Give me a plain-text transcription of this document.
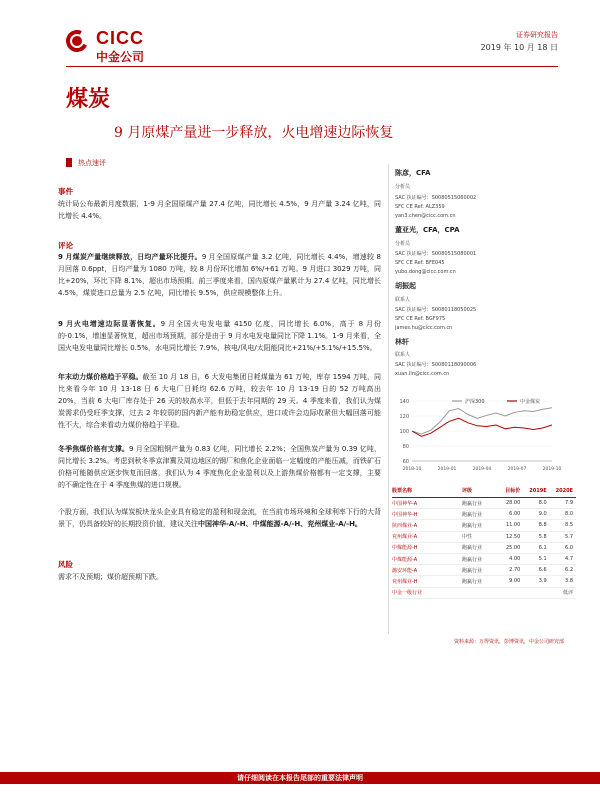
CICC
中金公司
证券研究报告
2019 年 10 月 18 日
煤炭
9 月原煤产量进一步释放，火电增速边际恢复
热点速评
事件
统计局公布最新月度数据，1-9 月全国原煤产量 27.4 亿吨，同比增长 4.5%，9 月产量 3.24 亿吨，同比增长 4.4%。
评论
9 月煤炭产量继续释放，日均产量环比提升。9 月全国原煤产量 3.2 亿吨，同比增长 4.4%，增速较 8 月回落 0.6ppt，日均产量为 1080 万吨，较 8 月份环比增加 6%/+61 万吨。9 月进口 3029 万吨，同比+20%，环比下降 8.1%，超出市场预期。前三季度来看，国内原煤产量累计为 27.4 亿吨，同比增长 4.5%，煤炭进口总量为 2.5 亿吨，同比增长 9.5%，供应规模整体上升。
9 月火电增速边际显著恢复。9 月全国火电发电量 4150 亿度，同比增长 6.0%，高于 8 月份的-0.1%，增速显著恢复，超出市场预期，部分是由于 9 月水电发电量同比下降 1.1%。1-9 月来看，全国火电发电量同比增长 0.5%，水电同比增长 7.9%，核电/风电/太阳能同比+21%/+5.1%/+15.5%。
年末动力煤价格趋于平稳。截至 10 月 18 日，6 大发电集团日耗煤量为 61 万吨，库存 1594 万吨，同比来看今年 10 月 13-18 日 6 大电厂日耗均 62.6 万吨，较去年 10 月 13-19 日的 52 万吨高出 20%，当前 6 大电厂库存处于 26 天的较高水平，但低于去年同期的 29 天。4 季度来看，我们认为煤炭需求仍受旺季支撑，过去 2 年较弱的国内新产能有助稳定供应，进口或许会边际收紧但大幅回落可能性不大，综合来看动力煤价格趋于平稳。
冬季焦煤价格有支撑。9 月全国粗钢产量为 0.83 亿吨，同比增长 2.2%；全国焦炭产量为 0.39 亿吨，同比增长 3.2%。考虑到秋冬季京津冀及周边地区的钢厂和焦化企业面临一定幅度的产能压减，而铁矿石价格可能随供应逐步恢复而回落，我们认为 4 季度焦化企业盈利以及上游焦煤价格都有一定支撑，主要的不确定性在于 4 季度焦煤的进口规模。
个股方面，我们认为煤炭板块龙头企业具有稳定的盈利和现金流，在当前市场环境和全球利率下行的大背景下，仍具备较好的长期投资价值，建议关注中国神华-A/-H、中煤能源-A/-H、兖州煤业-A/-H。
风险
需求不及预期；煤价超预期下跌。
陈彦，CFA
分析员
SAC 执证编号：S0080515060002
SFC CE Ref: ALZ359
yan3.chen@cicc.com.cn
董亚光，CFA，CPA
分析员
SAC 执证编号：S0080515080001
SFC CE Ref: BFE045
yubo.dong@cicc.com.cn
胡振起
联系人
SAC 执证编号：S0080118050025
SFC CE Ref: BGF975
james.hu@cicc.com.cn
林轩
联系人
SAC 执证编号：S0080118090006
xuan.lin@cicc.com.cn
140
120
100
80
60
2018-10	2019-01	2019-04	2019-07	2019-10
沪深300	中金煤炭
股票名称	评级	目标价	2019E	2020E
中国神华-A	跑赢行业	28.00	8.0	7.9
中国神华-H	跑赢行业	6.00	9.0	8.0
陕西煤业-A	跑赢行业	11.00	8.8	8.5
兖州煤业-A	中性	12.50	5.8	5.7
中煤能源-H	跑赢行业	25.00	6.1	6.0
中煤能源-A	跑赢行业	4.00	5.1	4.7
潞安环能-A	跑赢行业	2.70	6.6	6.2
兖州煤业-H	跑赢行业	9.00	3.9	3.8
中金一级行业				低评
资料来源：万得资讯，彭博资讯，中金公司研究部
请仔细阅读在本报告尾部的重要法律声明
